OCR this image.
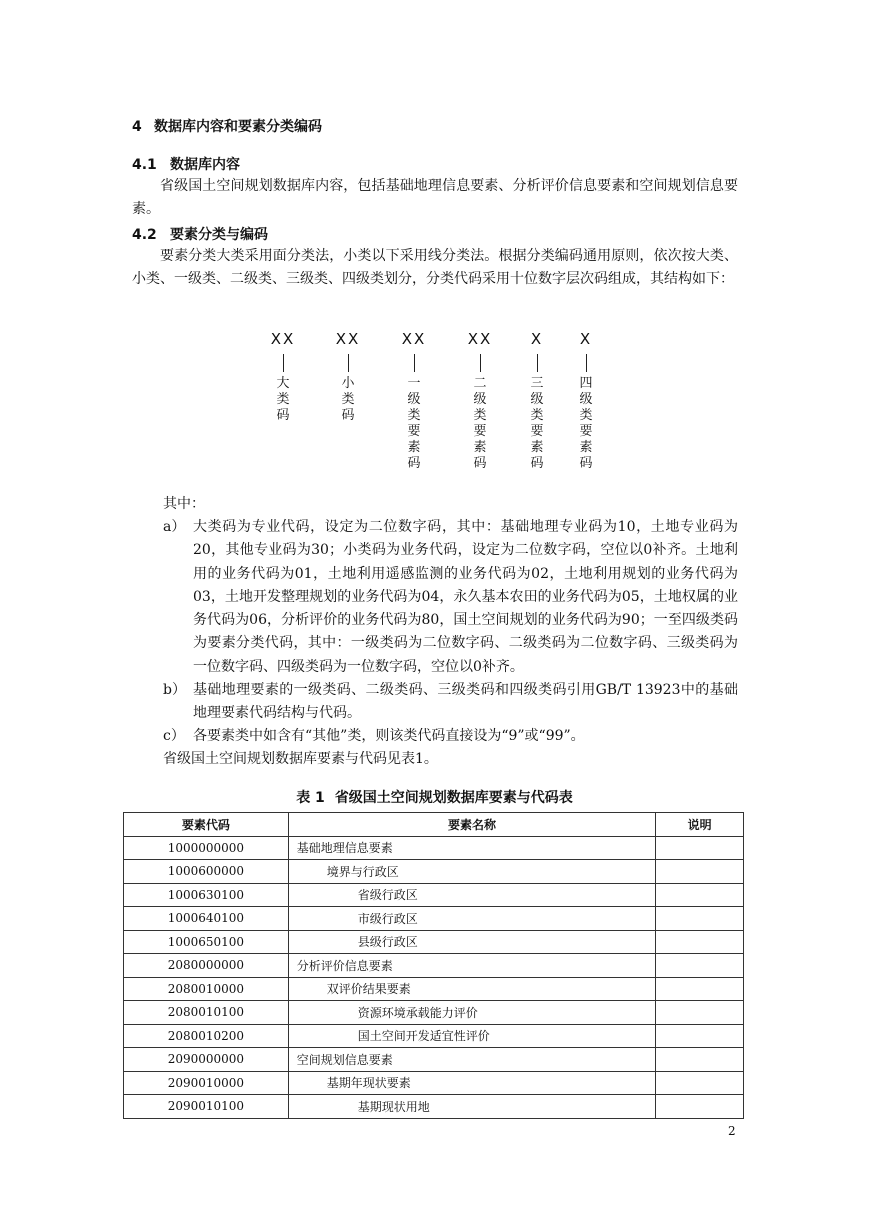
4 数据库内容和要素分类编码
4.1 数据库内容
省级国土空间规划数据库内容，包括基础地理信息要素、分析评价信息要素和空间规划信息要素。
4.2 要素分类与编码
要素分类大类采用面分类法，小类以下采用线分类法。根据分类编码通用原则，依次按大类、小类、一级类、二级类、三级类、四级类划分，分类代码采用十位数字层次码组成，其结构如下：
XX
大类码
XX
小类码
XX
一级类要素码
XX
二级类要素码
X
三级类要素码
X
四级类要素码
其中：
a） 大类码为专业代码，设定为二位数字码，其中：基础地理专业码为10，土地专业码为20，其他专业码为30；小类码为业务代码，设定为二位数字码，空位以0补齐。土地利用的业务代码为01，土地利用遥感监测的业务代码为02，土地利用规划的业务代码为03，土地开发整理规划的业务代码为04，永久基本农田的业务代码为05，土地权属的业务代码为06，分析评价的业务代码为80，国土空间规划的业务代码为90；一至四级类码为要素分类代码，其中：一级类码为二位数字码、二级类码为二位数字码、三级类码为一位数字码、四级类码为一位数字码，空位以0补齐。
b） 基础地理要素的一级类码、二级类码、三级类码和四级类码引用GB/T 13923中的基础地理要素代码结构与代码。
c） 各要素类中如含有“其他”类，则该类代码直接设为“9”或“99”。
省级国土空间规划数据库要素与代码见表1。
表 1 省级国土空间规划数据库要素与代码表
要素代码	要素名称	说明
1000000000	基础地理信息要素	
1000600000	境界与行政区	
1000630100	省级行政区	
1000640100	市级行政区	
1000650100	县级行政区	
2080000000	分析评价信息要素	
2080010000	双评价结果要素	
2080010100	资源环境承载能力评价	
2080010200	国土空间开发适宜性评价	
2090000000	空间规划信息要素	
2090010000	基期年现状要素	
2090010100	基期现状用地	
2
